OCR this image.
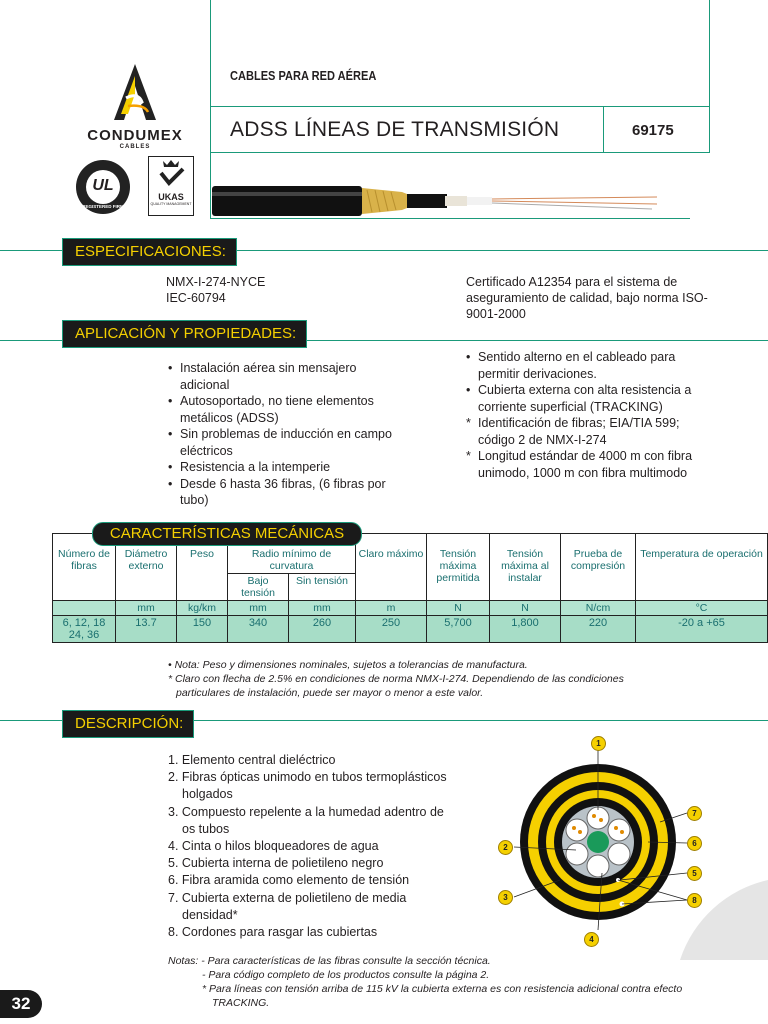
CABLES PARA RED AÉREA
ADSS LÍNEAS DE TRANSMISIÓN	69175
CONDUMEX
CABLES
UL
REGISTERED FIRM
UKAS
QUALITY MANAGEMENT
ESPECIFICACIONES:
NMX-I-274-NYCE
IEC-60794
Certificado A12354 para el sistema de aseguramiento de calidad, bajo norma ISO-9001-2000
APLICACIÓN Y PROPIEDADES:
• Instalación aérea sin mensajero adicional
• Autosoportado, no tiene elementos metálicos (ADSS)
• Sin problemas de inducción en campo eléctricos
• Resistencia a la intemperie
• Desde 6 hasta 36 fibras, (6 fibras por tubo)
• Sentido alterno en el cableado para permitir derivaciones.
• Cubierta externa con alta resistencia a corriente superficial (TRACKING)
* Identificación de fibras; EIA/TIA 599; código 2 de NMX-I-274
* Longitud estándar de 4000 m con fibra unimodo, 1000 m con fibra multimodo
Número de fibras	Diámetro externo	Peso	Radio mínimo de curvatura		Claro máximo	Tensión máxima permitida	Tensión máxima al instalar	Prueba de compresión	Temperatura de operación
			Bajo tensión	Sin tensión					
	mm	kg/km	mm	mm	m	N	N	N/cm	°C
6, 12, 18 24, 36	13.7	150	340	260	250	5,700	1,800	220	-20 a +65
CARACTERÍSTICAS MECÁNICAS
• Nota: Peso y dimensiones nominales, sujetos a tolerancias de manufactura.
* Claro con flecha de 2.5% en condiciones de norma NMX-I-274. Dependiendo de las condiciones particulares de instalación, puede ser mayor o menor a este valor.
DESCRIPCIÓN:
1. Elemento central dieléctrico
2. Fibras ópticas unimodo en tubos termoplásticos holgados
3. Compuesto repelente a la humedad adentro de os tubos
4. Cinta o hilos bloqueadores de agua
5. Cubierta interna de polietileno negro
6. Fibra aramida como elemento de tensión
7. Cubierta externa de polietileno de media densidad*
8. Cordones para rasgar las cubiertas
1
2
3
4
5
6
7
8
Notas: - Para características de las fibras consulte la sección técnica.
- Para código completo de los productos consulte la página 2.
* Para líneas con tensión arriba de 115 kV la cubierta externa es con resistencia adicional contra efecto TRACKING.
32
